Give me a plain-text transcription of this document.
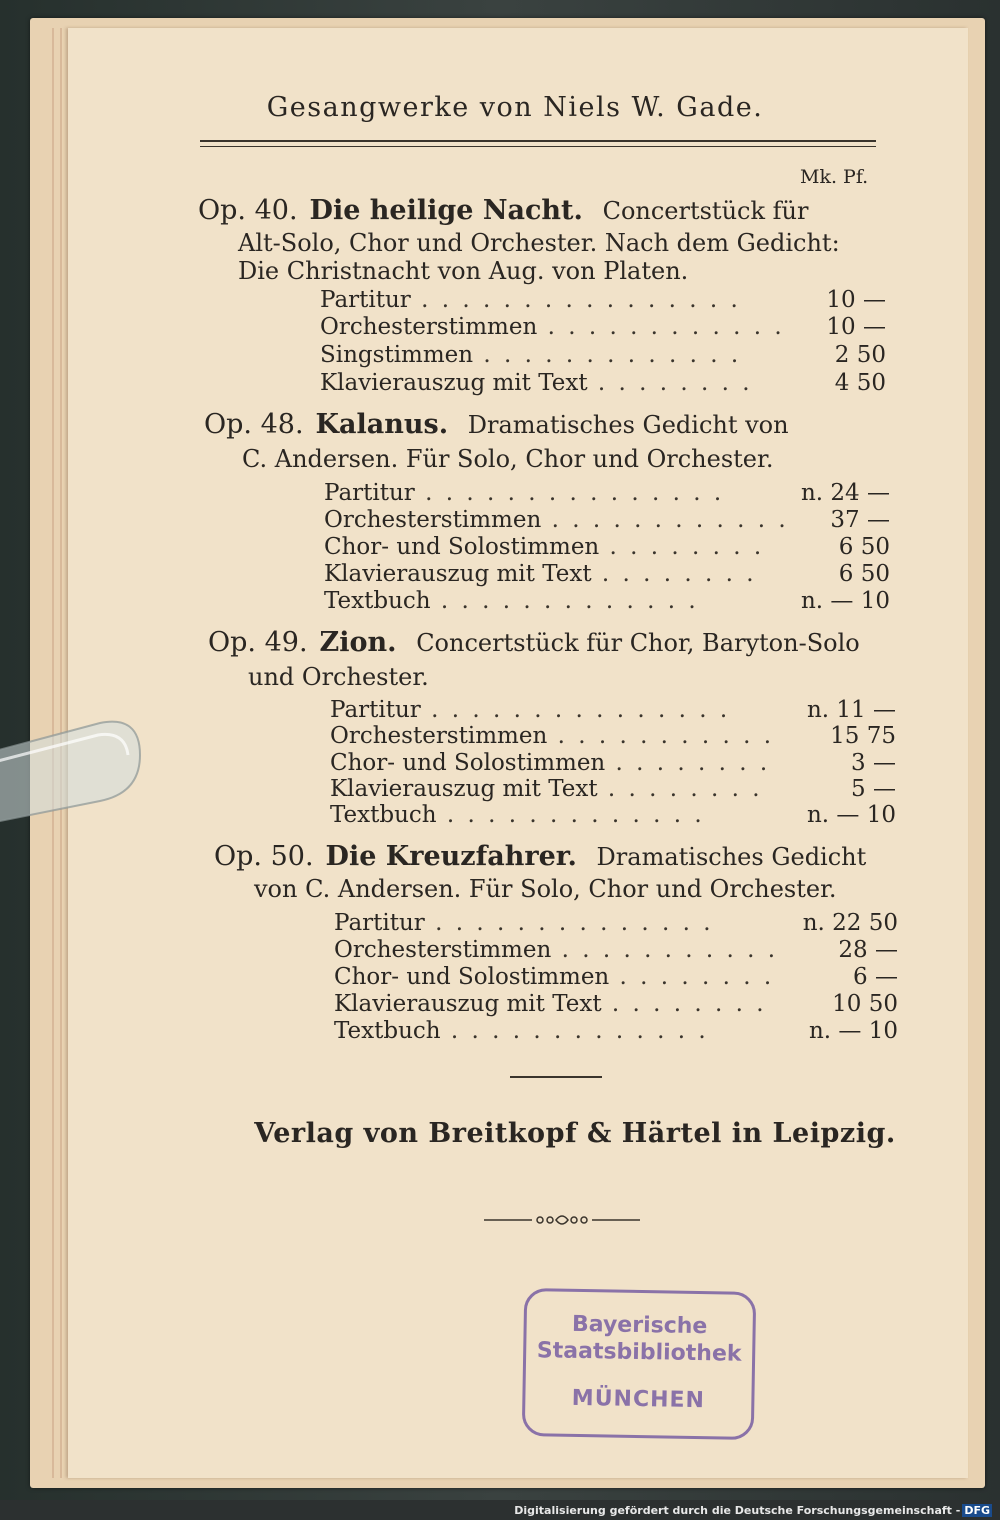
Gesangwerke von Niels W. Gade.
Mk. Pf.
Op. 40. Die heilige Nacht. Concertstück für
Alt-Solo, Chor und Orchester. Nach dem Gedicht:
Die Christnacht von Aug. von Platen.
Partitur . . . . . . . . . . . . . . . .	10 —
Orchesterstimmen . . . . . . . . . . . .	10 —
Singstimmen . . . . . . . . . . . . .	2 50
Klavierauszug mit Text . . . . . . . .	4 50
Op. 48. Kalanus. Dramatisches Gedicht von
C. Andersen. Für Solo, Chor und Orchester.
Partitur . . . . . . . . . . . . . . .	n. 24 —
Orchesterstimmen . . . . . . . . . . . .	37 —
Chor- und Solostimmen . . . . . . . .	6 50
Klavierauszug mit Text . . . . . . . .	6 50
Textbuch . . . . . . . . . . . . .	n. — 10
Op. 49. Zion. Concertstück für Chor, Baryton-Solo
und Orchester.
Partitur . . . . . . . . . . . . . . .	n. 11 —
Orchesterstimmen . . . . . . . . . . .	15 75
Chor- und Solostimmen . . . . . . . .	3 —
Klavierauszug mit Text . . . . . . . .	5 —
Textbuch . . . . . . . . . . . . .	n. — 10
Op. 50. Die Kreuzfahrer. Dramatisches Gedicht
von C. Andersen. Für Solo, Chor und Orchester.
Partitur . . . . . . . . . . . . . .	n. 22 50
Orchesterstimmen . . . . . . . . . . .	28 —
Chor- und Solostimmen . . . . . . . .	6 —
Klavierauszug mit Text . . . . . . . .	10 50
Textbuch . . . . . . . . . . . . .	n. — 10
Verlag von Breitkopf & Härtel in Leipzig.
Bayerische
Staatsbibliothek
MÜNCHEN
Digitalisierung gefördert durch die Deutsche Forschungsgemeinschaft - DFG
